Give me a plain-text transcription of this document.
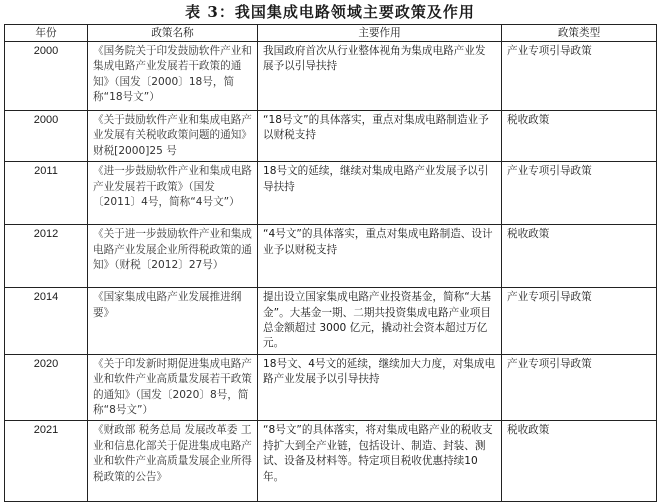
表 3：我国集成电路领域主要政策及作用
年份	政策名称	主要作用	政策类型
2000	《国务院关于印发鼓励软件产业和集成电路产业发展若干政策的通知》（国发〔2000〕18号，简称“18号文”）	我国政府首次从行业整体视角为集成电路产业发展予以引导扶持	产业专项引导政策
2000	《关于鼓励软件产业和集成电路产业发展有关税收政策问题的通知》 财税[2000]25 号	“18号文”的具体落实，重点对集成电路制造业予以财税支持	税收政策
2011	《进一步鼓励软件产业和集成电路产业发展若干政策》（国发〔2011〕4号，简称“4号文”）	18号文的延续，继续对集成电路产业发展予以引导扶持	产业专项引导政策
2012	《关于进一步鼓励软件产业和集成电路产业发展企业所得税政策的通知》（财税〔2012〕27号）	“4号文”的具体落实，重点对集成电路制造、设计业予以财税支持	税收政策
2014	《国家集成电路产业发展推进纲要》	提出设立国家集成电路产业投资基金，简称“大基金”。大基金一期、二期共投资集成电路产业项目总金额超过 3000 亿元，撬动社会资本超过万亿元。	产业专项引导政策
2020	《关于印发新时期促进集成电路产业和软件产业高质量发展若干政策的通知》（国发〔2020〕8号，简称“8号文”）	18号文、4号文的延续，继续加大力度，对集成电路产业发展予以引导扶持	产业专项引导政策
2021	《财政部 税务总局 发展改革委 工业和信息化部关于促进集成电路产业和软件产业高质量发展企业所得税政策的公告》	“8号文”的具体落实，将对集成电路产业的税收支持扩大到全产业链，包括设计、制造、封装、测试、设备及材料等。特定项目税收优惠持续10年。	税收政策
